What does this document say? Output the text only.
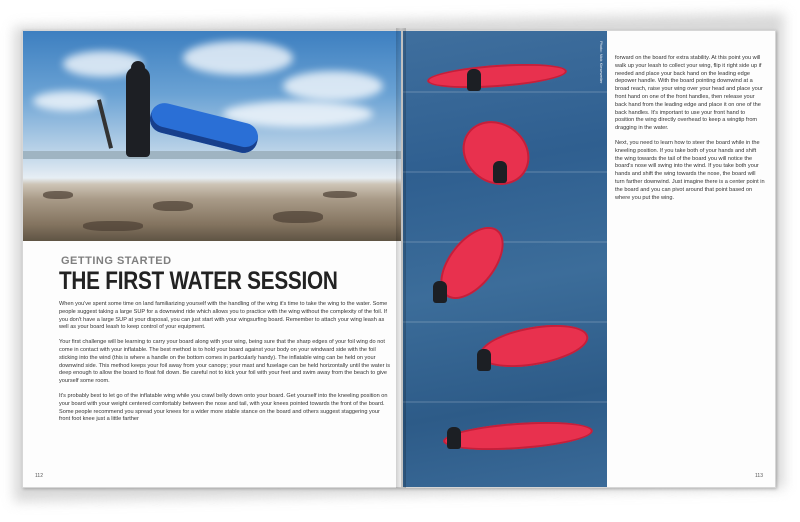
GETTING STARTED
THE FIRST WATER SESSION

When you've spent some time on land familiarizing yourself with the handling of the wing it's time to take the wing to the water. Some people suggest taking a large SUP for a downwind ride which allows you to practice with the wing without the complexity of the foil. If you don't have a large SUP at your disposal, you can just start with your wingsurfing board. Remember to attach your wing leash as well as your board leash to keep control of your equipment.

Your first challenge will be learning to carry your board along with your wing, being sure that the sharp edges of your foil wing do not come in contact with your inflatable. The best method is to hold your board against your body on your windward side with the foil sticking into the wind (this is where a handle on the bottom comes in particularly handy). The inflatable wing can be held on your downwind side. This method keeps your foil away from your canopy; your mast and fuselage can be held horizontally until the water is deep enough to allow the board to float foil down. Be careful not to kick your foil with your feet and swim away from the beach to give yourself some room.

It's probably best to let go of the inflatable wing while you crawl belly down onto your board. Get yourself into the kneeling position on your board with your weight centered comfortably between the nose and tail, with your knees pointed towards the front of the board. Some people recommend you spread your knees for a wider more stable stance on the board and others suggest staggering your front foot knee just a little farther

112
Photo: Nick Kiesewetter forward on the board for extra stability. At this point you will walk up your leash to collect your wing, flip it right side up if needed and place your back hand on the leading edge depower handle. With the board pointing downwind at a broad reach, raise your wing over your head and place your front hand on one of the front handles, then release your back hand from the leading edge and place it on one of the back handles. It's important to use your front hand to position the wing directly overhead to keep a wingtip from dragging in the water.

Next, you need to learn how to steer the board while in the kneeling position. If you take both of your hands and shift the wing towards the tail of the board you will notice the board's nose will swing into the wind. If you take both your hands and shift the wing towards the nose, the board will turn farther downwind. Just imagine there is a center point in the board and you can pivot around that point based on where you put the wing.

113
